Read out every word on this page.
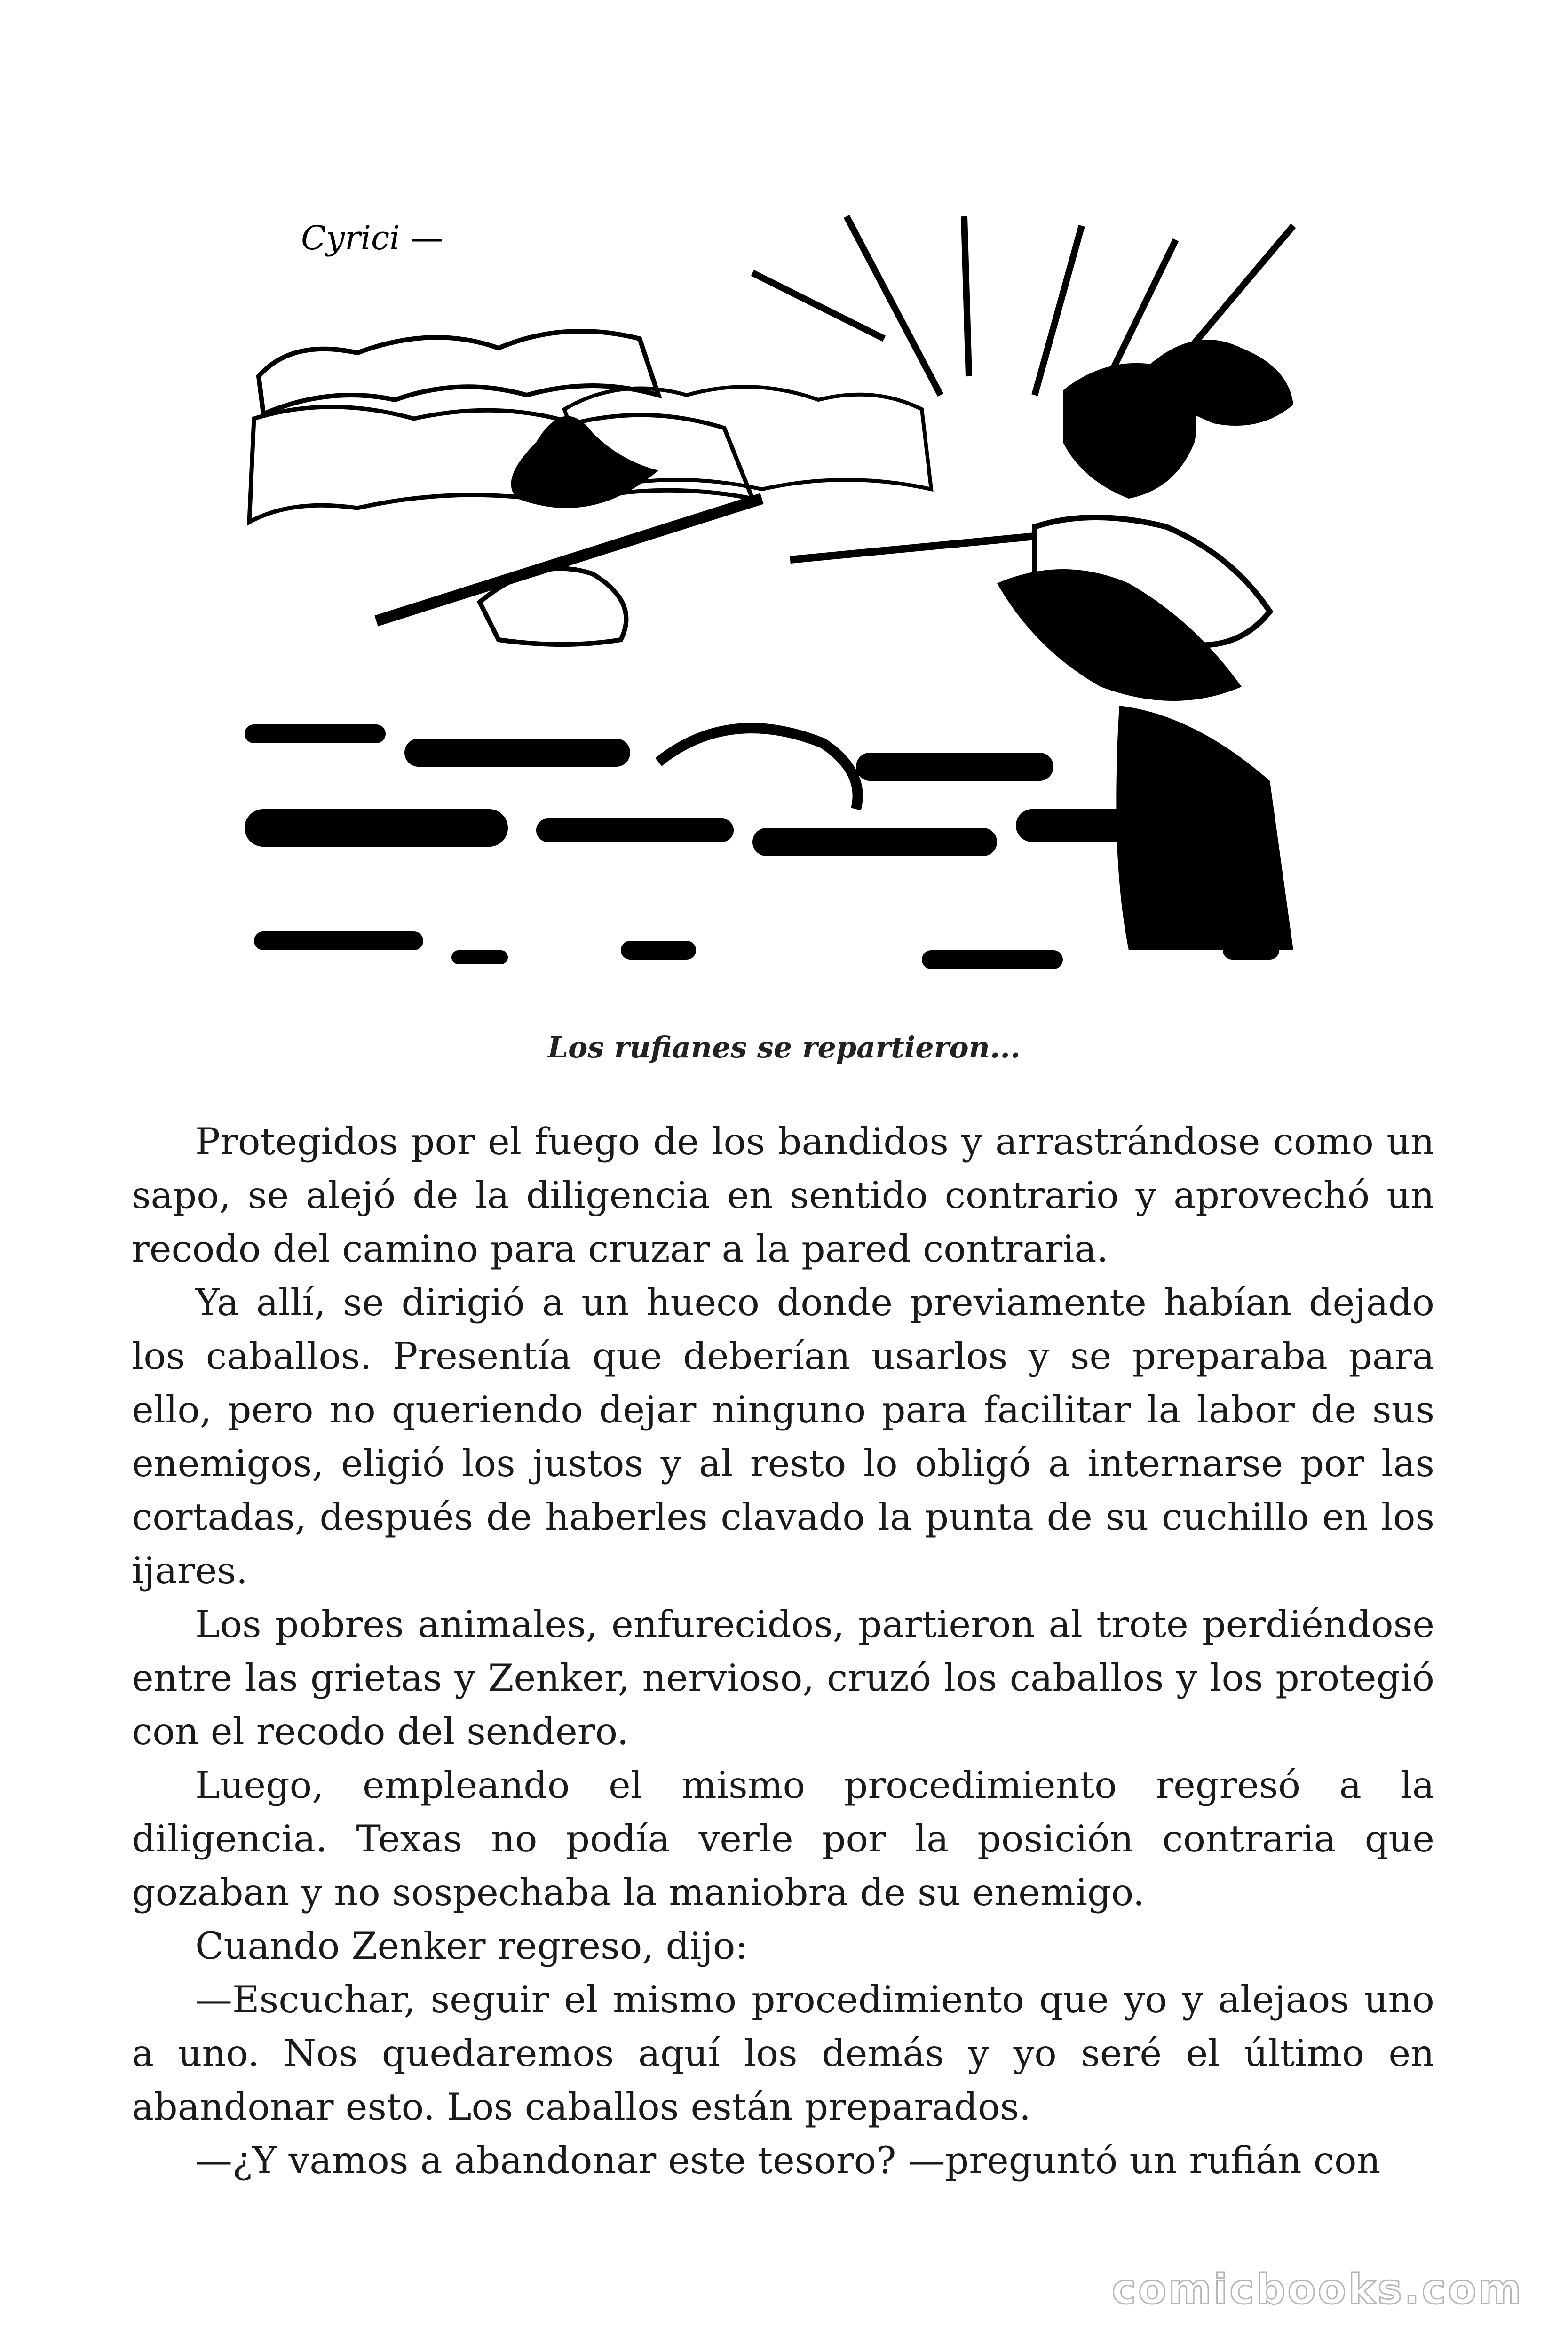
Cyrici —
Los rufianes se repartieron...

Protegidos por el fuego de los bandidos y arrastrándose como un sapo, se alejó de la diligencia en sentido contrario y aprovechó un recodo del camino para cruzar a la pared contraria.

Ya allí, se dirigió a un hueco donde previamente habían dejado los caballos. Presentía que deberían usarlos y se preparaba para ello, pero no queriendo dejar ninguno para facilitar la labor de sus enemigos, eligió los justos y al resto lo obligó a internarse por las cortadas, después de haberles clavado la punta de su cuchillo en los ijares.

Los pobres animales, enfurecidos, partieron al trote perdiéndose entre las grietas y Zenker, nervioso, cruzó los caballos y los protegió con el recodo del sendero.

Luego, empleando el mismo procedimiento regresó a la diligencia. Texas no podía verle por la posición contraria que gozaban y no sospechaba la maniobra de su enemigo.

Cuando Zenker regreso, dijo:

—Escuchar, seguir el mismo procedimiento que yo y alejaos uno a uno. Nos quedaremos aquí los demás y yo seré el último en abandonar esto. Los caballos están preparados.

—¿Y vamos a abandonar este tesoro? —preguntó un rufián con

comicbooks.com
